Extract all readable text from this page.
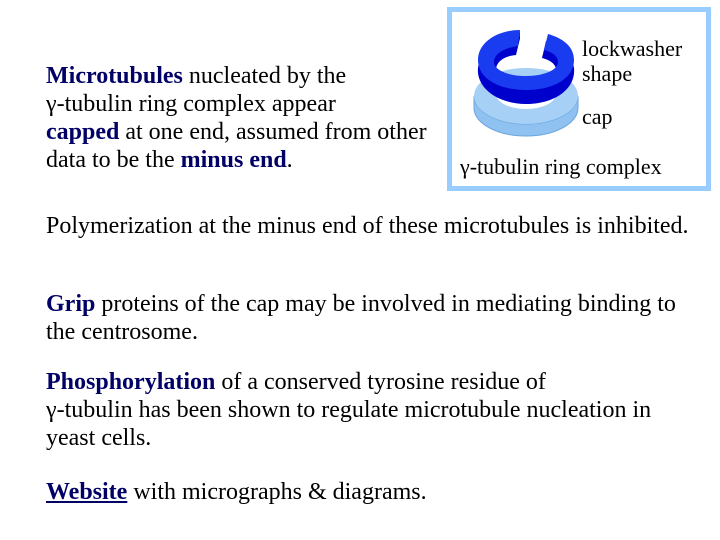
Microtubules nucleated by the
γ-tubulin ring complex appear
capped at one end, assumed from other data to be the minus end.

Polymerization at the minus end of these microtubules is inhibited.

Grip proteins of the cap may be involved in mediating binding to the centrosome.

Phosphorylation of a conserved tyrosine residue of
γ-tubulin has been shown to regulate microtubule nucleation in yeast cells.

Website with micrographs & diagrams.

lockwasher
shape
cap
γ-tubulin ring complex
